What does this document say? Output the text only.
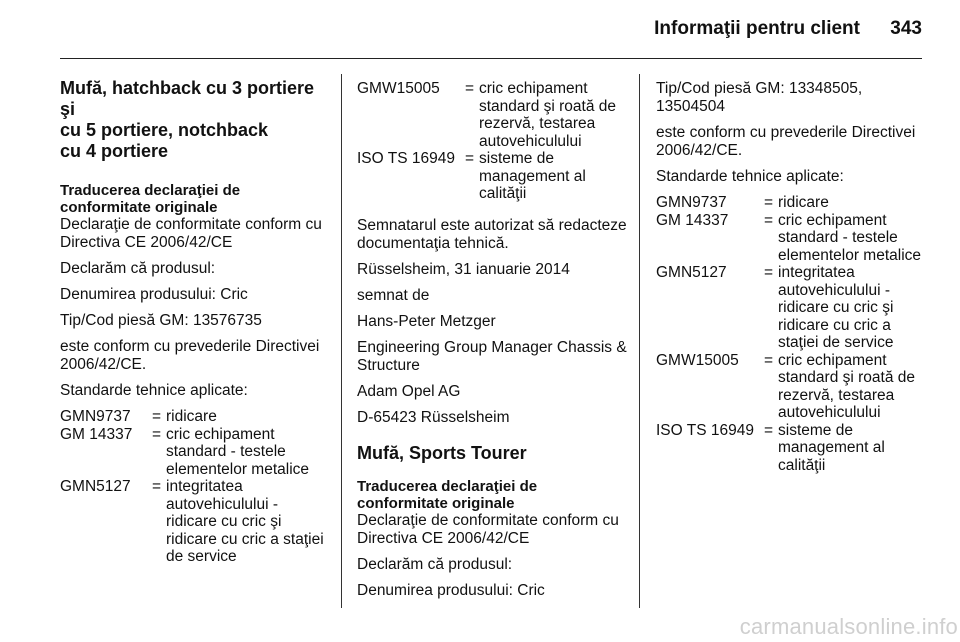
Informaţii pentru client	343
Mufă, hatchback cu 3 portiere şi
cu 5 portiere, notchback
cu 4 portiere
Traducerea declaraţiei de
conformitate originale

Declaraţie de conformitate conform cu Directiva CE 2006/42/CE

Declarăm că produsul:

Denumirea produsului: Cric

Tip/Cod piesă GM: 13576735

este conform cu prevederile Directivei 2006/42/CE.

Standarde tehnice aplicate:

GMN9737	=	ridicare
GM 14337	=	cric echipament standard - testele elementelor metalice
GMN5127	=	integritatea autovehiculului - ridicare cu cric şi ridicare cu cric a staţiei de service
GMW15005	=	cric echipament standard şi roată de rezervă, testarea autovehiculului
ISO TS 16949	=	sisteme de management al calităţii

Semnatarul este autorizat să redacteze documentaţia tehnică.

Rüsselsheim, 31 ianuarie 2014

semnat de

Hans-Peter Metzger

Engineering Group Manager Chassis & Structure

Adam Opel AG

D-65423 Rüsselsheim

Mufă, Sports Tourer
Traducerea declaraţiei de
conformitate originale

Declaraţie de conformitate conform cu Directiva CE 2006/42/CE

Declarăm că produsul:

Denumirea produsului: Cric

Tip/Cod piesă GM: 13348505, 13504504

este conform cu prevederile Directivei 2006/42/CE.

Standarde tehnice aplicate:

GMN9737	=	ridicare
GM 14337	=	cric echipament standard - testele elementelor metalice
GMN5127	=	integritatea autovehiculului - ridicare cu cric şi ridicare cu cric a staţiei de service
GMW15005	=	cric echipament standard şi roată de rezervă, testarea autovehiculului
ISO TS 16949	=	sisteme de management al calităţii
carmanualsonline.info
